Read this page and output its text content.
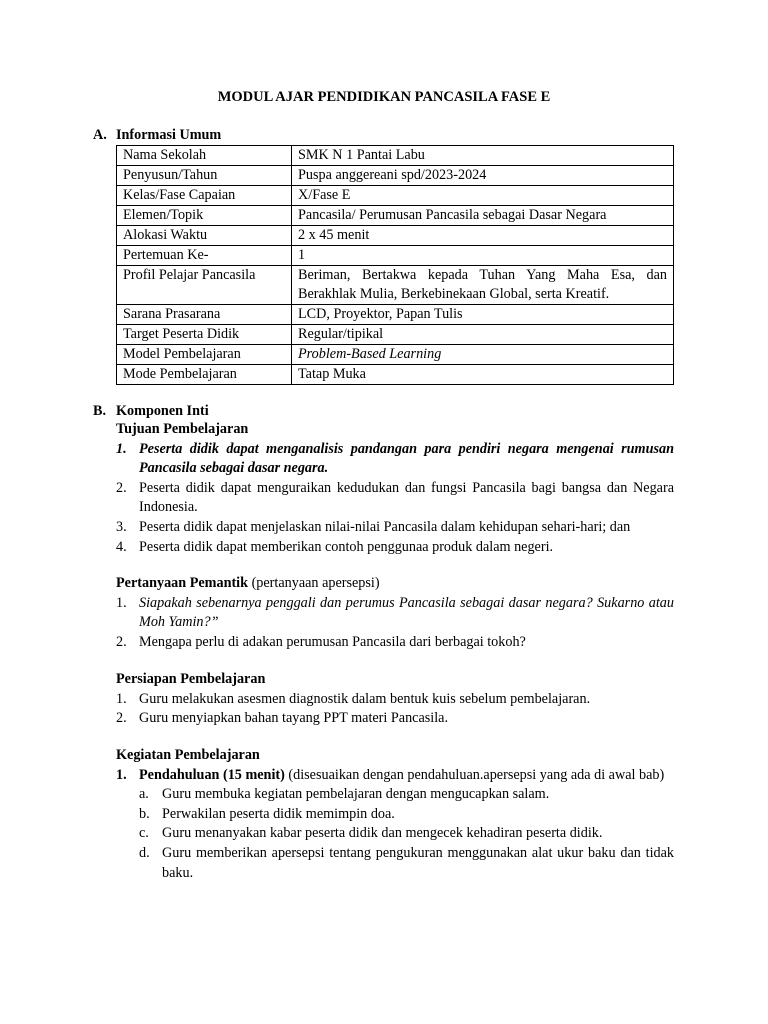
MODUL AJAR PENDIDIKAN PANCASILA FASE E
A. Informasi Umum
Nama Sekolah	SMK N 1 Pantai Labu
Penyusun/Tahun	Puspa anggereani spd/2023-2024
Kelas/Fase Capaian	X/Fase E
Elemen/Topik	Pancasila/ Perumusan Pancasila sebagai Dasar Negara
Alokasi Waktu	2 x 45 menit
Pertemuan Ke-	1
Profil Pelajar Pancasila	Beriman, Bertakwa kepada Tuhan Yang Maha Esa, dan Berakhlak Mulia, Berkebinekaan Global, serta Kreatif.
Sarana Prasarana	LCD, Proyektor, Papan Tulis
Target Peserta Didik	Regular/tipikal
Model Pembelajaran	Problem-Based Learning
Mode Pembelajaran	Tatap Muka
B. Komponen Inti
Tujuan Pembelajaran
1. Peserta didik dapat menganalisis pandangan para pendiri negara mengenai rumusan Pancasila sebagai dasar negara.
2. Peserta didik dapat menguraikan kedudukan dan fungsi Pancasila bagi bangsa dan Negara Indonesia.
3. Peserta didik dapat menjelaskan nilai-nilai Pancasila dalam kehidupan sehari-hari; dan
4. Peserta didik dapat memberikan contoh penggunaa produk dalam negeri.
Pertanyaan Pemantik (pertanyaan apersepsi)
1. Siapakah sebenarnya penggali dan perumus Pancasila sebagai dasar negara? Sukarno atau Moh Yamin?”
2. Mengapa perlu di adakan perumusan Pancasila dari berbagai tokoh?
Persiapan Pembelajaran
1. Guru melakukan asesmen diagnostik dalam bentuk kuis sebelum pembelajaran.
2. Guru menyiapkan bahan tayang PPT materi Pancasila.
Kegiatan Pembelajaran
1. Pendahuluan (15 menit) (disesuaikan dengan pendahuluan.apersepsi yang ada di awal bab)
a. Guru membuka kegiatan pembelajaran dengan mengucapkan salam.
b. Perwakilan peserta didik memimpin doa.
c. Guru menanyakan kabar peserta didik dan mengecek kehadiran peserta didik.
d. Guru memberikan apersepsi tentang pengukuran menggunakan alat ukur baku dan tidak baku.
